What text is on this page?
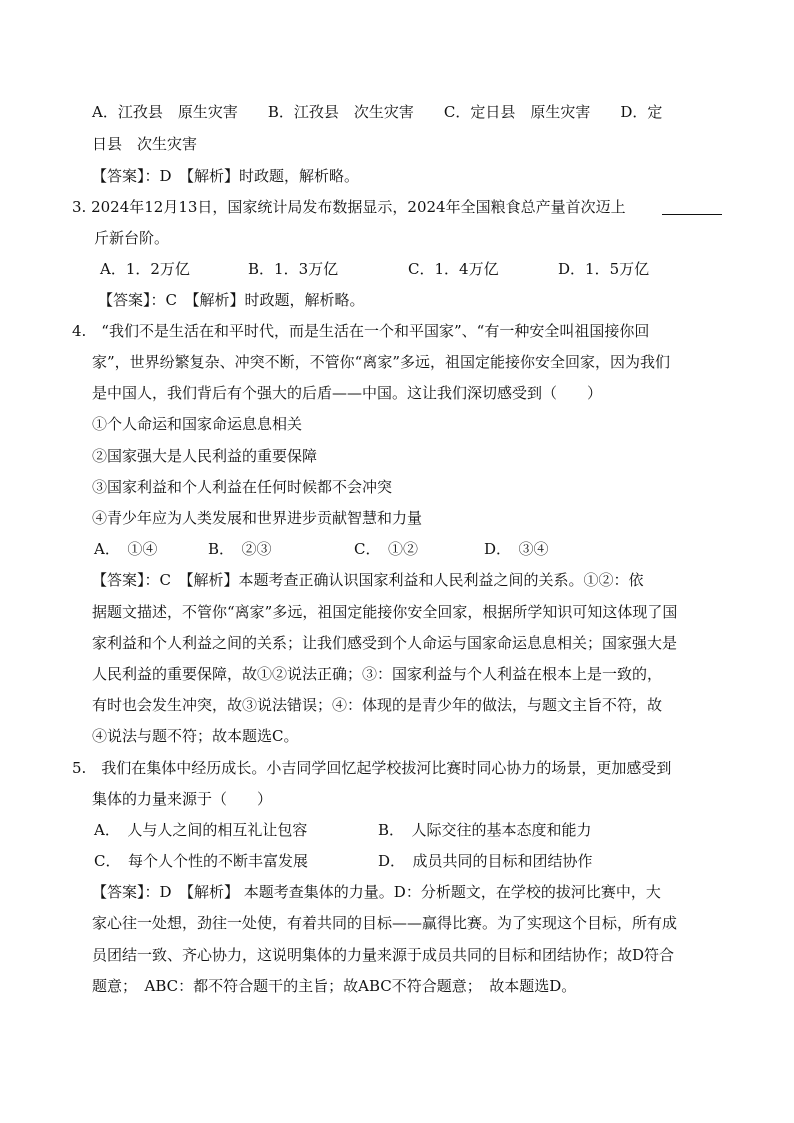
A．江孜县　原生灾害　　B．江孜县　次生灾害　　C．定日县　原生灾害　　D．定
日县　次生灾害
【答案】：D　【解析】时政题，解析略。
3. 2024年12月13日，国家统计局发布数据显示，2024年全国粮食总产量首次迈上
斤新台阶。
A．1．2万亿	B．1．3万亿	C．1．4万亿	D．1．5万亿
【答案】：C　【解析】时政题，解析略。
4.　“我们不是生活在和平时代，而是生活在一个和平国家”、“有一种安全叫祖国接你回
家”，世界纷繁复杂、冲突不断，不管你“离家”多远，祖国定能接你安全回家，因为我们
是中国人，我们背后有个强大的后盾——中国。这让我们深切感受到（　　）
①个人命运和国家命运息息相关
②国家强大是人民利益的重要保障
③国家利益和个人利益在任何时候都不会冲突
④青少年应为人类发展和世界进步贡献智慧和力量
A．　①④	B．　②③	C．　①②	D．　③④
【答案】：C　【解析】本题考查正确认识国家利益和人民利益之间的关系。①②：依
据题文描述，不管你“离家”多远，祖国定能接你安全回家，根据所学知识可知这体现了国
家利益和个人利益之间的关系；让我们感受到个人命运与国家命运息息相关；国家强大是
人民利益的重要保障，故①②说法正确；③：国家利益与个人利益在根本上是一致的，
有时也会发生冲突，故③说法错误；④：体现的是青少年的做法，与题文主旨不符，故
④说法与题不符；故本题选C。
5.　我们在集体中经历成长。小吉同学回忆起学校拔河比赛时同心协力的场景，更加感受到
集体的力量来源于（　　）
A．　人与人之间的相互礼让包容	B．　人际交往的基本态度和能力
C．　每个人个性的不断丰富发展	D．　成员共同的目标和团结协作
【答案】：D　【解析】 本题考查集体的力量。D：分析题文，在学校的拔河比赛中，大
家心往一处想，劲往一处使，有着共同的目标——赢得比赛。为了实现这个目标，所有成
员团结一致、齐心协力，这说明集体的力量来源于成员共同的目标和团结协作；故D符合
题意；　ABC：都不符合题干的主旨；故ABC不符合题意；　故本题选D。
